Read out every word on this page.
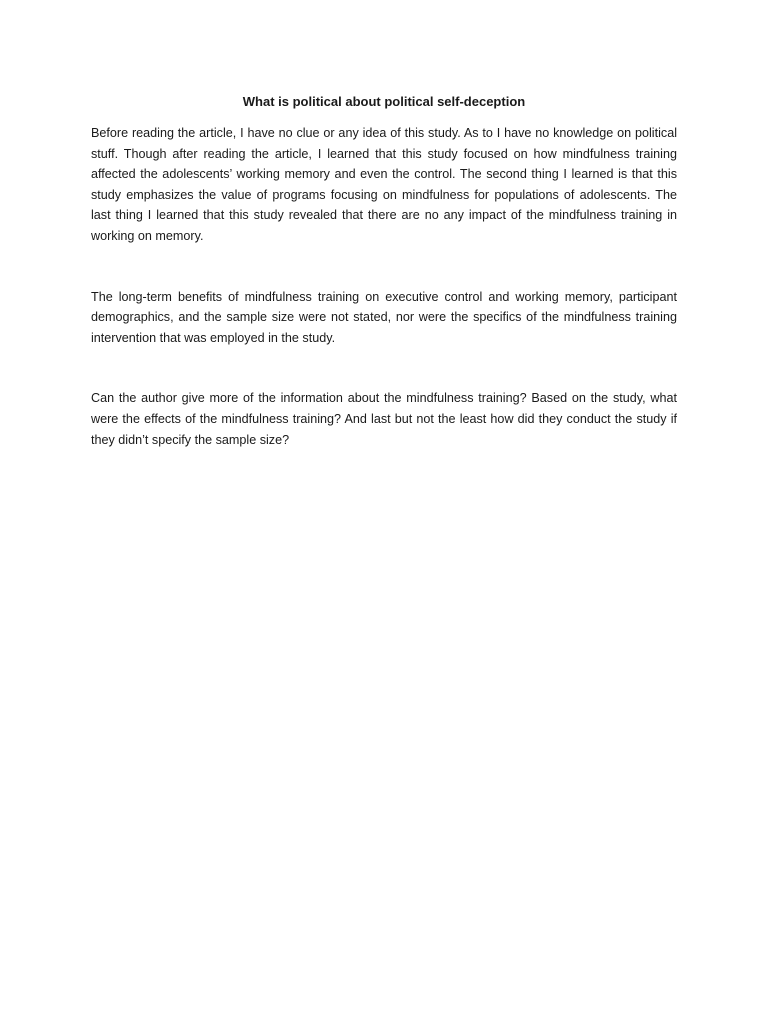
What is political about political self-deception

Before reading the article, I have no clue or any idea of this study. As to I have no knowledge on political stuff. Though after reading the article, I learned that this study focused on how mindfulness training affected the adolescents’ working memory and even the control. The second thing I learned is that this study emphasizes the value of programs focusing on mindfulness for populations of adolescents. The last thing I learned that this study revealed that there are no any impact of the mindfulness training in working on memory.

The long-term benefits of mindfulness training on executive control and working memory, participant demographics, and the sample size were not stated, nor were the specifics of the mindfulness training intervention that was employed in the study.

Can the author give more of the information about the mindfulness training? Based on the study, what were the effects of the mindfulness training? And last but not the least how did they conduct the study if they didn’t specify the sample size?
